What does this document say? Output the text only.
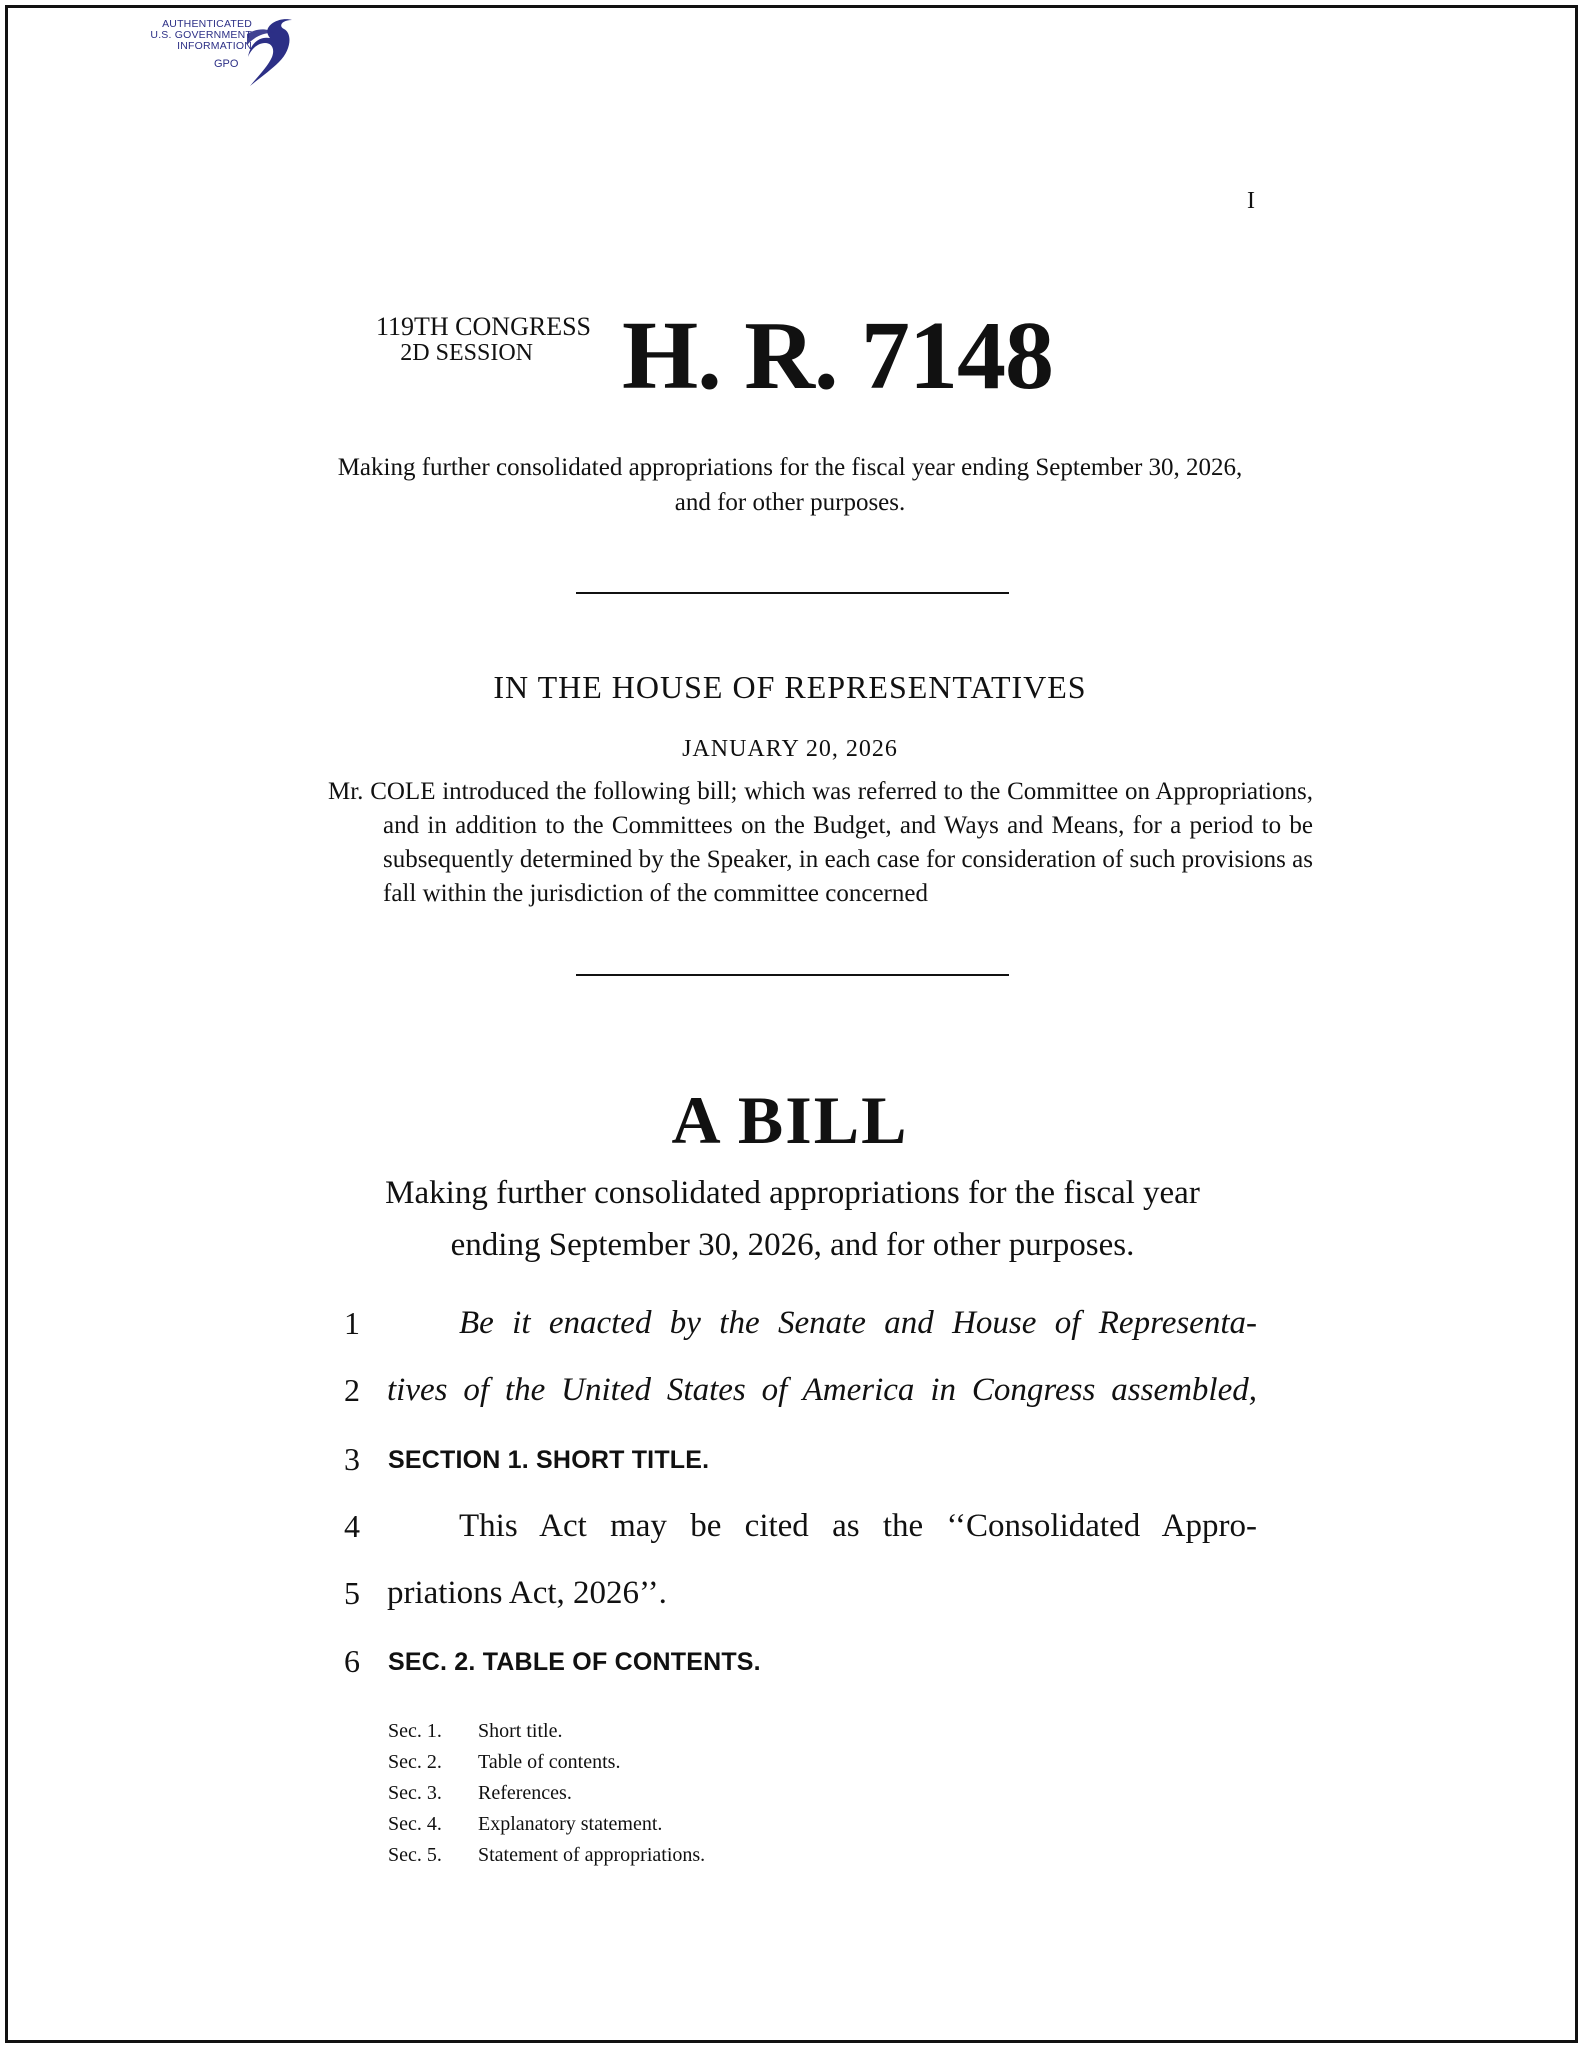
AUTHENTICATED
U.S. GOVERNMENT
INFORMATION
GPO
I
119TH CONGRESS
2D SESSION H. R. 7148
Making further consolidated appropriations for the fiscal year ending September 30, 2026, and for other purposes.
IN THE HOUSE OF REPRESENTATIVES
JANUARY 20, 2026
Mr. COLE introduced the following bill; which was referred to the Committee on Appropriations, and in addition to the Committees on the Budget, and Ways and Means, for a period to be subsequently determined by the Speaker, in each case for consideration of such provisions as fall within the jurisdiction of the committee concerned
A BILL
Making further consolidated appropriations for the fiscal year
ending September 30, 2026, and for other purposes.
1	Be it enacted by the Senate and House of Representa-
2 tives of the United States of America in Congress assembled,
3	SECTION 1. SHORT TITLE.
4	This Act may be cited as the ‘‘Consolidated Appro-
5 priations Act, 2026’’.
6	SEC. 2. TABLE OF CONTENTS.
Sec. 1. Short title.
Sec. 2. Table of contents.
Sec. 3. References.
Sec. 4. Explanatory statement.
Sec. 5. Statement of appropriations.
